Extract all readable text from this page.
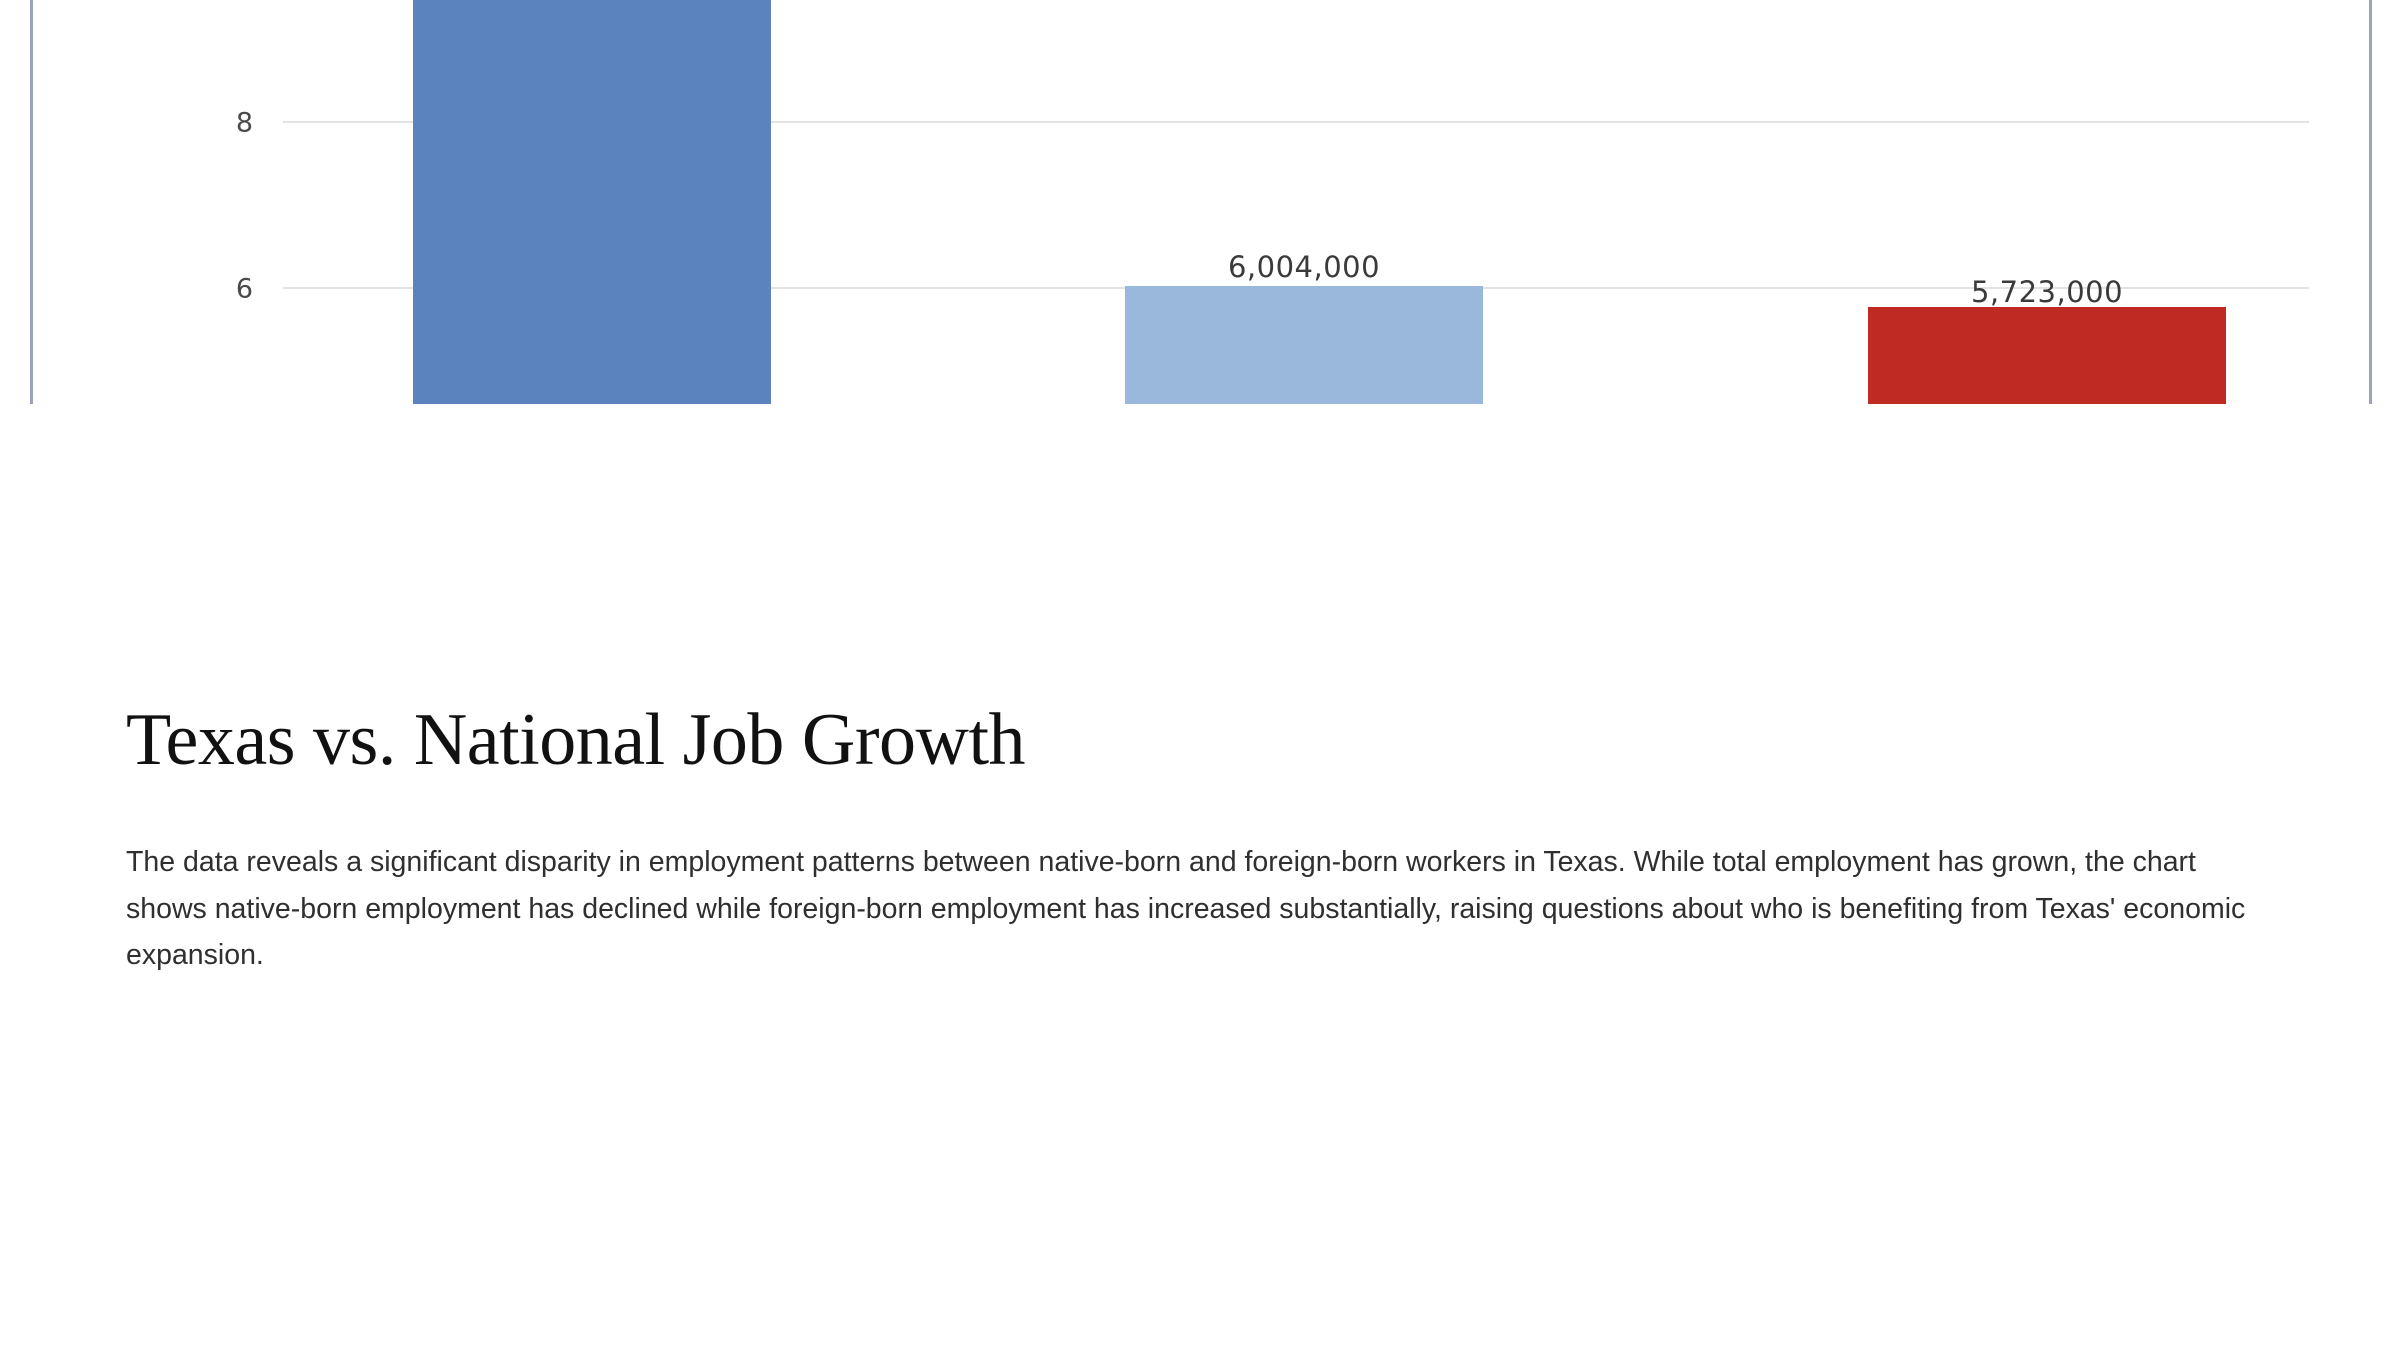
8
6
6,004,000
5,723,000
Texas vs. National Job Growth

The data reveals a significant disparity in employment patterns between native-born and foreign-born workers in Texas. While total employment has grown, the chart shows native-born employment has declined while foreign-born employment has increased substantially, raising questions about who is benefiting from Texas' economic expansion.
